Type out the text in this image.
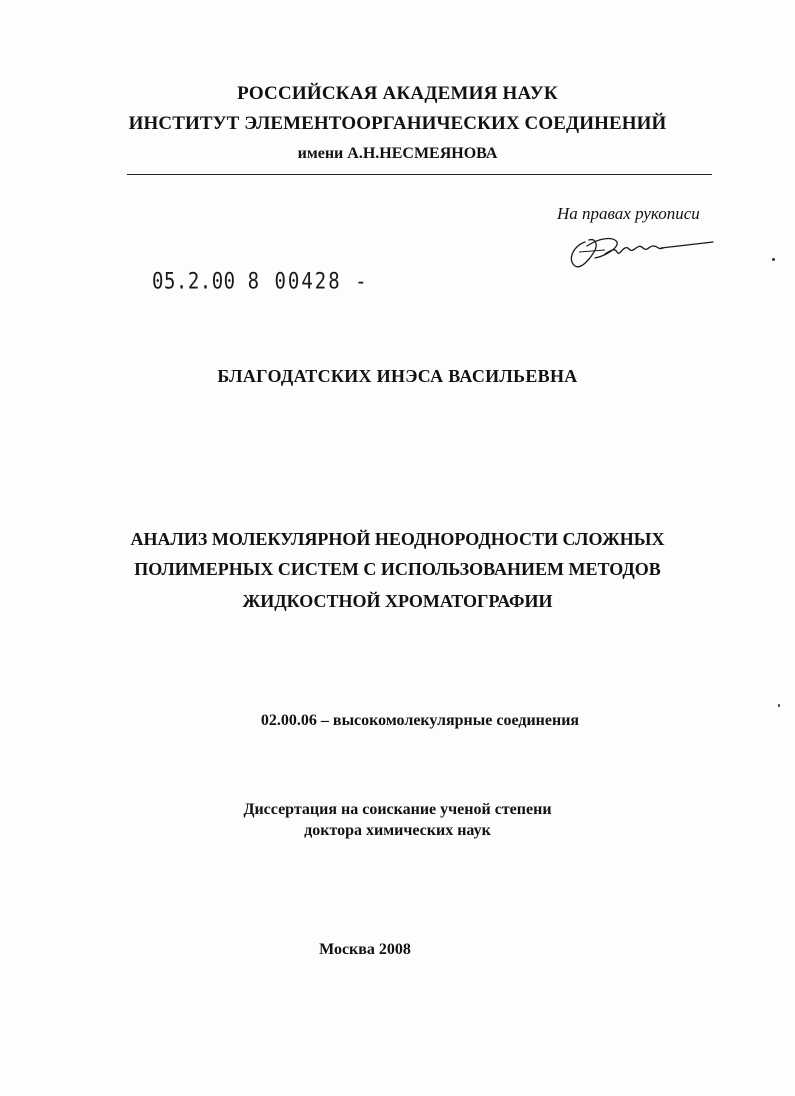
РОССИЙСКАЯ АКАДЕМИЯ НАУК
ИНСТИТУТ ЭЛЕМЕНТООРГАНИЧЕСКИХ СОЕДИНЕНИЙ
имени А.Н.НЕСМЕЯНОВА
На правах рукописи
05.2.00 8 00428 -
БЛАГОДАТСКИХ ИНЭСА ВАСИЛЬЕВНА
АНАЛИЗ МОЛЕКУЛЯРНОЙ НЕОДНОРОДНОСТИ СЛОЖНЫХ
ПОЛИМЕРНЫХ СИСТЕМ С ИСПОЛЬЗОВАНИЕМ МЕТОДОВ
ЖИДКОСТНОЙ ХРОМАТОГРАФИИ
02.00.06 – высокомолекулярные соединения
Диссертация на соискание ученой степени
доктора химических наук
Москва 2008
